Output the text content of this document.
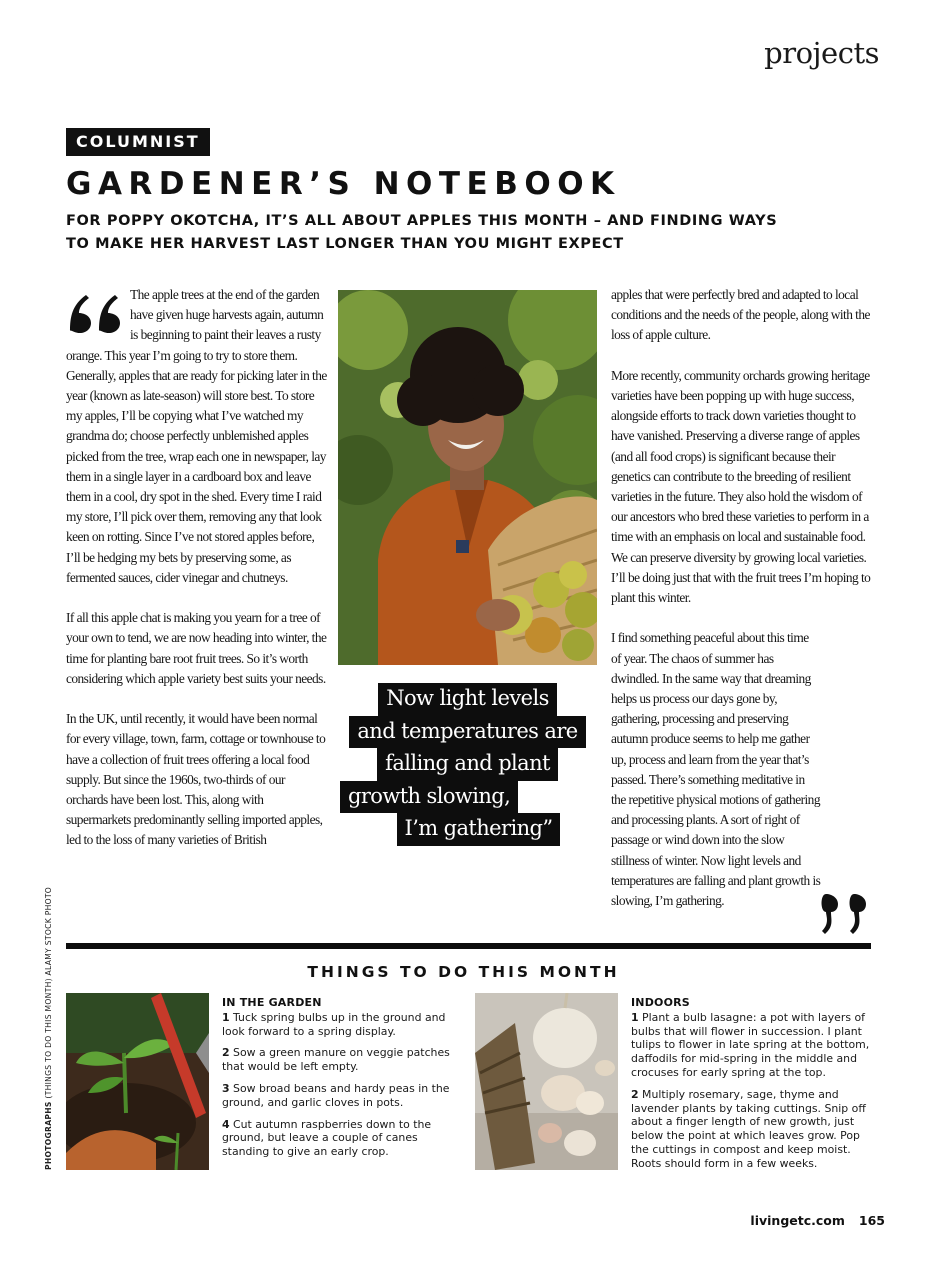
projects
COLUMNIST
GARDENER’S NOTEBOOK
FOR POPPY OKOTCHA, IT’S ALL ABOUT APPLES THIS MONTH – AND FINDING WAYS TO MAKE HER HARVEST LAST LONGER THAN YOU MIGHT EXPECT

The apple trees at the end of the garden have given huge harvests again, autumn is beginning to paint their leaves a rusty orange. This year I’m going to try to store them. Generally, apples that are ready for picking later in the year (known as late-season) will store best. To store my apples, I’ll be copying what I’ve watched my grandma do; choose perfectly unblemished apples picked from the tree, wrap each one in newspaper, lay them in a single layer in a cardboard box and leave them in a cool, dry spot in the shed. Every time I raid my store, I’ll pick over them, removing any that look keen on rotting. Since I’ve not stored apples before, I’ll be hedging my bets by preserving some, as fermented sauces, cider vinegar and chutneys.

If all this apple chat is making you yearn for a tree of your own to tend, we are now heading into winter, the time for planting bare root fruit trees. So it’s worth considering which apple variety best suits your needs.

In the UK, until recently, it would have been normal for every village, town, farm, cottage or townhouse to have a collection of fruit trees offering a local food supply. But since the 1960s, two-thirds of our orchards have been lost. This, along with supermarkets predominantly selling imported apples, led to the loss of many varieties of British

Now light levels
and temperatures are
falling and plant
growth slowing,
I’m gathering”

apples that were perfectly bred and adapted to local conditions and the needs of the people, along with the loss of apple culture.

More recently, community orchards growing heritage varieties have been popping up with huge success, alongside efforts to track down varieties thought to have vanished. Preserving a diverse range of apples (and all food crops) is significant because their genetics can contribute to the breeding of resilient varieties in the future. They also hold the wisdom of our ancestors who bred these varieties to perform in a time with an emphasis on local and sustainable food. We can preserve diversity by growing local varieties. I’ll be doing just that with the fruit trees I’m hoping to plant this winter.

I find something peaceful about this time of year. The chaos of summer has dwindled. In the same way that dreaming helps us process our days gone by, gathering, processing and preserving autumn produce seems to help me gather up, process and learn from the year that’s passed. There’s something meditative in the repetitive physical motions of gathering and processing plants. A sort of right of passage or wind down into the slow stillness of winter. Now light levels and temperatures are falling and plant growth is slowing, I’m gathering.

THINGS TO DO THIS MONTH
IN THE GARDEN
1 Tuck spring bulbs up in the ground and look forward to a spring display.
2 Sow a green manure on veggie patches that would be left empty.
3 Sow broad beans and hardy peas in the ground, and garlic cloves in pots.
4 Cut autumn raspberries down to the ground, but leave a couple of canes standing to give an early crop.
INDOORS
1 Plant a bulb lasagne: a pot with layers of bulbs that will flower in succession. I plant tulips to flower in late spring at the bottom, daffodils for mid-spring in the middle and crocuses for early spring at the top.
2 Multiply rosemary, sage, thyme and lavender plants by taking cuttings. Snip off about a finger length of new growth, just below the point at which leaves grow. Pop the cuttings in compost and keep moist. Roots should form in a few weeks.
PHOTOGRAPHS (THINGS TO DO THIS MONTH) ALAMY STOCK PHOTO
livingetc.com 165
